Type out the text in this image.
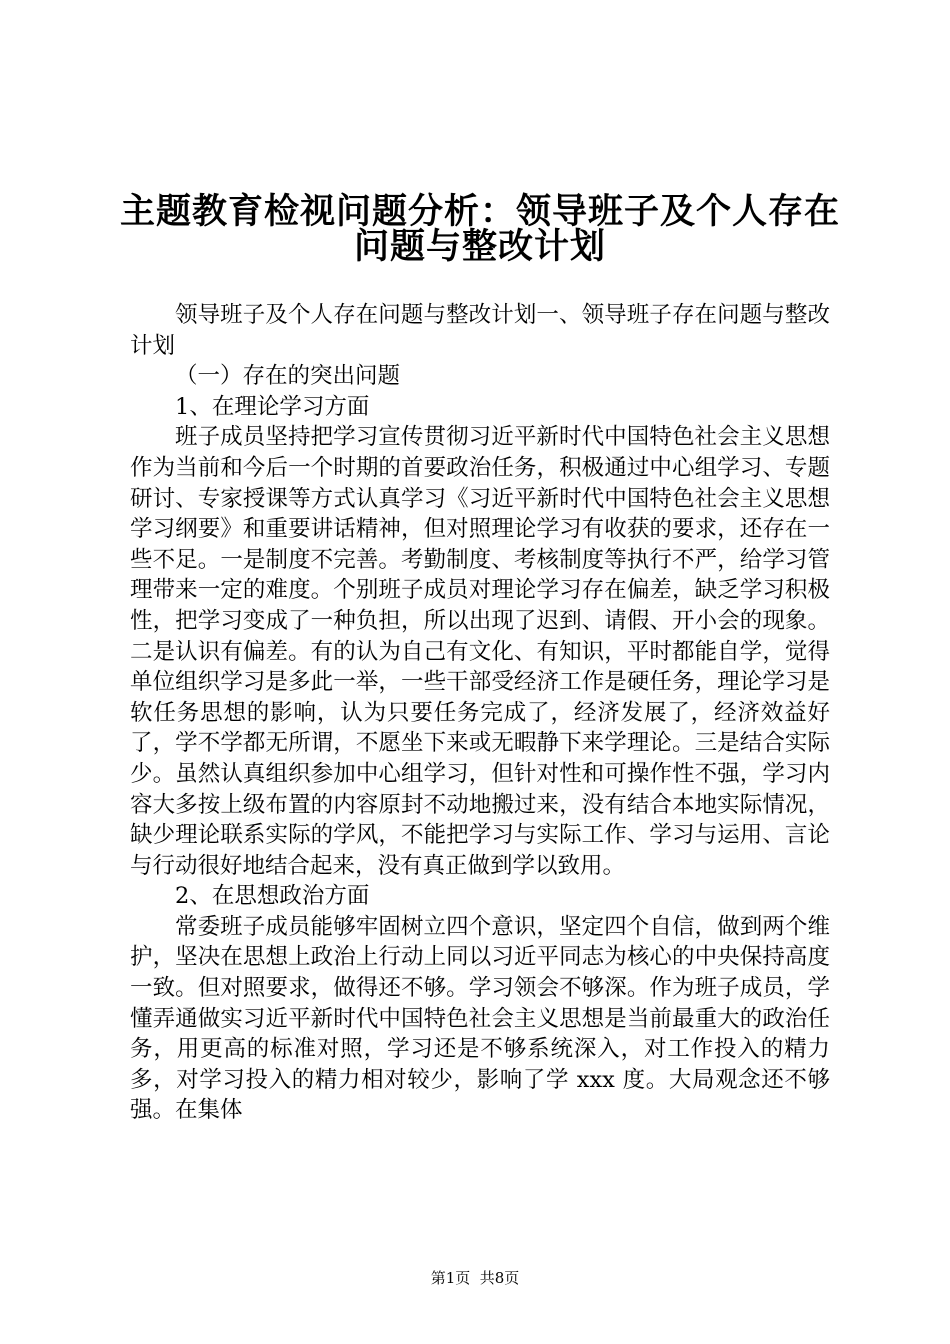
主题教育检视问题分析：领导班子及个人存在
问题与整改计划

领导班子及个人存在问题与整改计划一、领导班子存在问题与整改计划

（一）存在的突出问题

1、在理论学习方面

班子成员坚持把学习宣传贯彻习近平新时代中国特色社会主义思想作为当前和今后一个时期的首要政治任务，积极通过中心组学习、专题研讨、专家授课等方式认真学习《习近平新时代中国特色社会主义思想学习纲要》和重要讲话精神，但对照理论学习有收获的要求，还存在一些不足。一是制度不完善。考勤制度、考核制度等执行不严，给学习管理带来一定的难度。个别班子成员对理论学习存在偏差，缺乏学习积极性，把学习变成了一种负担，所以出现了迟到、请假、开小会的现象。二是认识有偏差。有的认为自己有文化、有知识，平时都能自学，觉得单位组织学习是多此一举，一些干部受经济工作是硬任务，理论学习是软任务思想的影响，认为只要任务完成了，经济发展了，经济效益好了，学不学都无所谓，不愿坐下来或无暇静下来学理论。三是结合实际少。虽然认真组织参加中心组学习，但针对性和可操作性不强，学习内容大多按上级布置的内容原封不动地搬过来，没有结合本地实际情况，缺少理论联系实际的学风，不能把学习与实际工作、学习与运用、言论与行动很好地结合起来，没有真正做到学以致用。

2、在思想政治方面

常委班子成员能够牢固树立四个意识，坚定四个自信，做到两个维护，坚决在思想上政治上行动上同以习近平同志为核心的中央保持高度一致。但对照要求，做得还不够。学习领会不够深。作为班子成员，学懂弄通做实习近平新时代中国特色社会主义思想是当前最重大的政治任务，用更高的标准对照，学习还是不够系统深入，对工作投入的精力多，对学习投入的精力相对较少，影响了学 xxx 度。大局观念还不够强。在集体

第1页  共8页
